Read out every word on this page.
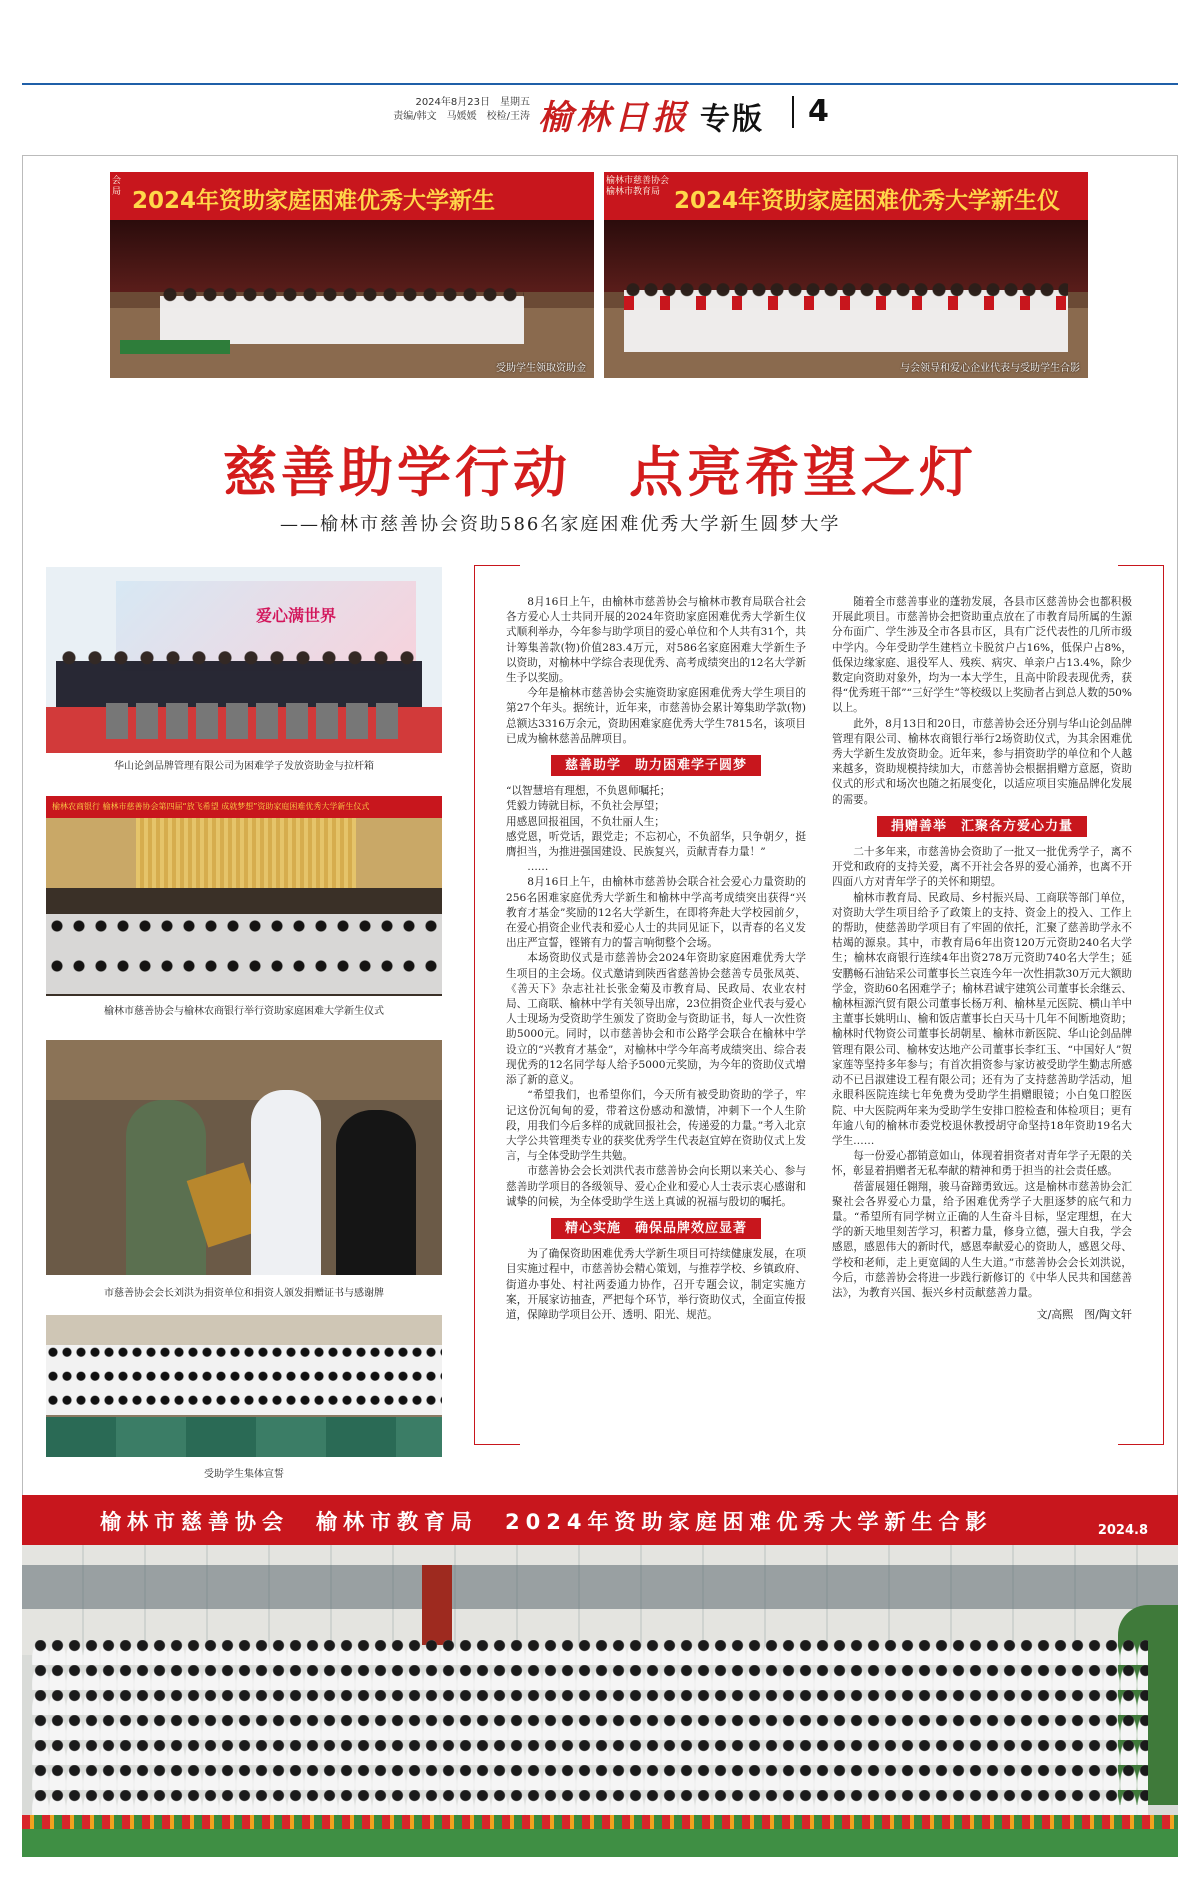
2024年8月23日　星期五
责编/韩文　马媛媛　校检/王涛 榆林日报 专版 4
会
局 2024年资助家庭困难优秀大学新生
受助学生领取资助金
榆林市慈善协会
榆林市教育局 2024年资助家庭困难优秀大学新生仪
与会领导和爱心企业代表与受助学生合影
慈善助学行动　点亮希望之灯
——榆林市慈善协会资助586名家庭困难优秀大学新生圆梦大学
爱心满世界
华山论剑品牌管理有限公司为困难学子发放资助金与拉杆箱
榆林农商银行 榆林市慈善协会第四届“放飞希望 成就梦想”资助家庭困难优秀大学新生仪式
榆林市慈善协会与榆林农商银行举行资助家庭困难大学新生仪式
市慈善协会会长刘洪为捐资单位和捐资人颁发捐赠证书与感谢牌
受助学生集体宣誓

8月16日上午，由榆林市慈善协会与榆林市教育局联合社会各方爱心人士共同开展的2024年资助家庭困难优秀大学新生仪式顺利举办，今年参与助学项目的爱心单位和个人共有31个，共计筹集善款(物)价值283.4万元，对586名家庭困难大学新生予以资助，对榆林中学综合表现优秀、高考成绩突出的12名大学新生予以奖励。

今年是榆林市慈善协会实施资助家庭困难优秀大学生项目的第27个年头。据统计，近年来，市慈善协会累计筹集助学款(物)总额达3316万余元，资助困难家庭优秀大学生7815名，该项目已成为榆林慈善品牌项目。

慈善助学　助力困难学子圆梦

“以智慧培有理想，不负恩师嘱托；

凭毅力铸就目标，不负社会厚望；

用感恩回报祖国，不负壮丽人生；

感党恩，听党话，跟党走；不忘初心，不负韶华，只争朝夕，挺膺担当，为推进强国建设、民族复兴，贡献青春力量！”

……

8月16日上午，由榆林市慈善协会联合社会爱心力量资助的256名困难家庭优秀大学新生和榆林中学高考成绩突出获得“兴教育才基金”奖励的12名大学新生，在即将奔赴大学校园前夕，在爱心捐资企业代表和爱心人士的共同见证下，以青春的名义发出庄严宣誓，铿锵有力的誓言响彻整个会场。

本场资助仪式是市慈善协会2024年资助家庭困难优秀大学生项目的主会场。仪式邀请到陕西省慈善协会慈善专员张凤英、《善天下》杂志社社长张金菊及市教育局、民政局、农业农村局、工商联、榆林中学有关领导出席，23位捐资企业代表与爱心人士现场为受资助学生颁发了资助金与资助证书，每人一次性资助5000元。同时，以市慈善协会和市公路学会联合在榆林中学设立的“兴教育才基金”，对榆林中学今年高考成绩突出、综合表现优秀的12名同学每人给予5000元奖励，为今年的资助仪式增添了新的意义。

“希望我们，也希望你们，今天所有被受助资助的学子，牢记这份沉甸甸的爱，带着这份感动和激情，冲刺下一个人生阶段，用我们今后多样的成就回报社会，传递爱的力量。”考入北京大学公共管理类专业的获奖优秀学生代表赵宜婷在资助仪式上发言，与全体受助学生共勉。

市慈善协会会长刘洪代表市慈善协会向长期以来关心、参与慈善助学项目的各级领导、爱心企业和爱心人士表示衷心感谢和诚挚的问候，为全体受助学生送上真诚的祝福与殷切的嘱托。

精心实施　确保品牌效应显著

为了确保资助困难优秀大学新生项目可持续健康发展，在项目实施过程中，市慈善协会精心策划，与推荐学校、乡镇政府、街道办事处、村社两委通力协作，召开专题会议，制定实施方案，开展家访抽查，严把每个环节，举行资助仪式，全面宣传报道，保障助学项目公开、透明、阳光、规范。

随着全市慈善事业的蓬勃发展，各县市区慈善协会也都积极开展此项目。市慈善协会把资助重点放在了市教育局所属的生源分布面广、学生涉及全市各县市区，具有广泛代表性的几所市级中学内。今年受助学生建档立卡脱贫户占16%，低保户占8%，低保边缘家庭、退役军人、残疾、病灾、单亲户占13.4%，除少数定向资助对象外，均为一本大学生，且高中阶段表现优秀，获得“优秀班干部”“三好学生”等校级以上奖励者占到总人数的50%以上。

此外，8月13日和20日，市慈善协会还分别与华山论剑品牌管理有限公司、榆林农商银行举行2场资助仪式，为其余困难优秀大学新生发放资助金。近年来，参与捐资助学的单位和个人越来越多，资助规模持续加大，市慈善协会根据捐赠方意愿，资助仪式的形式和场次也随之拓展变化，以适应项目实施品牌化发展的需要。

捐赠善举　汇聚各方爱心力量

二十多年来，市慈善协会资助了一批又一批优秀学子，离不开党和政府的支持关爱，离不开社会各界的爱心涌养，也离不开四面八方对青年学子的关怀和期望。

榆林市教育局、民政局、乡村振兴局、工商联等部门单位，对资助大学生项目给予了政策上的支持、资金上的投入、工作上的帮助，使慈善助学项目有了牢固的依托，汇聚了慈善助学永不枯竭的源泉。其中，市教育局6年出资120万元资助240名大学生；榆林农商银行连续4年出资278万元资助740名大学生；延安鹏畅石油钻采公司董事长兰哀连今年一次性捐款30万元大额助学金，资助60名困难学子；榆林君诚宇建筑公司董事长余继云、榆林桓源汽贸有限公司董事长杨万利、榆林星元医院、横山羊中主董事长姚明山、榆和饭店董事长白天马十几年不间断地资助；榆林时代物资公司董事长胡朝星、榆林市新医院、华山论剑品牌管理有限公司、榆林安达地产公司董事长李红玉、“中国好人”贺家莲等坚持多年参与；有首次捐资参与家访被受助学生勤志所感动不已吕淑建设工程有限公司；还有为了支持慈善助学活动，旭永眼科医院连续七年免费为受助学生捐赠眼镜；小白兔口腔医院、中大医院两年来为受助学生安排口腔检查和体检项目；更有年逾八旬的榆林市委党校退休教授胡守命坚持18年资助19名大学生……

每一份爱心都销意如山，体现着捐资者对青年学子无限的关怀，彰显着捐赠者无私奉献的精神和勇于担当的社会责任感。

蓓蕾展翅任翱翔，骏马奋蹄勇致远。这是榆林市慈善协会汇聚社会各界爱心力量，给予困难优秀学子大胆逐梦的底气和力量。“希望所有同学树立正确的人生奋斗目标，坚定理想，在大学的新天地里刻苦学习，积蓄力量，修身立德，强大自我，学会感恩，感恩伟大的新时代，感恩奉献爱心的资助人，感恩父母、学校和老师，走上更宽阔的人生大道。”市慈善协会会长刘洪说，今后，市慈善协会将进一步践行新修订的《中华人民共和国慈善法》，为教育兴国、振兴乡村贡献慈善力量。

文/高熙　图/陶文轩
榆林市慈善协会　榆林市教育局　2024年资助家庭困难优秀大学新生合影	2024.8
